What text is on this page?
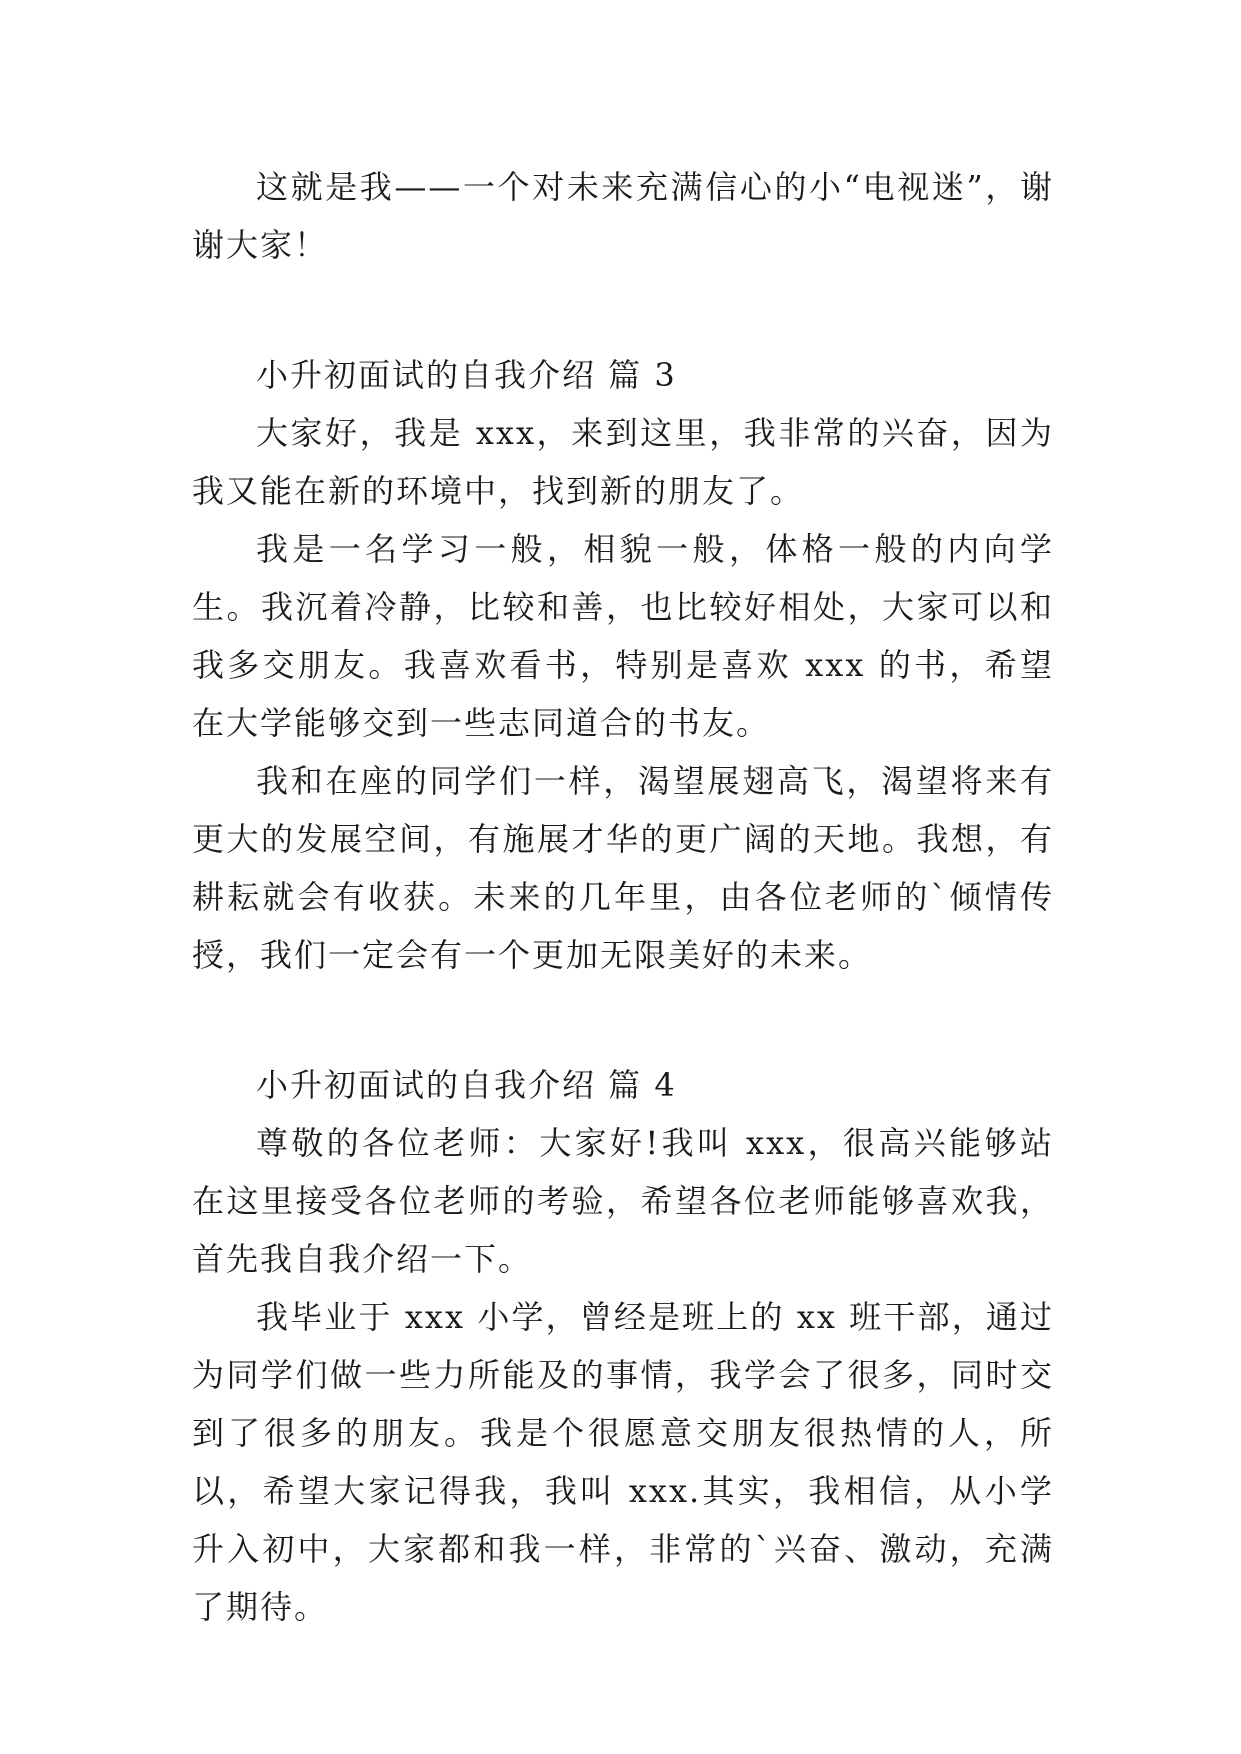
这就是我——一个对未来充满信心的小“电视迷”，谢谢大家！

小升初面试的自我介绍 篇 3

大家好，我是 xxx，来到这里，我非常的兴奋，因为我又能在新的环境中，找到新的朋友了。

我是一名学习一般，相貌一般，体格一般的内向学生。我沉着冷静，比较和善，也比较好相处，大家可以和我多交朋友。我喜欢看书，特别是喜欢 xxx 的书，希望在大学能够交到一些志同道合的书友。

我和在座的同学们一样，渴望展翅高飞，渴望将来有更大的发展空间，有施展才华的更广阔的天地。我想，有耕耘就会有收获。未来的几年里，由各位老师的`倾情传授，我们一定会有一个更加无限美好的未来。

小升初面试的自我介绍 篇 4

尊敬的各位老师：大家好!我叫 xxx，很高兴能够站在这里接受各位老师的考验，希望各位老师能够喜欢我，首先我自我介绍一下。

我毕业于 xxx 小学，曾经是班上的 xx 班干部，通过为同学们做一些力所能及的事情，我学会了很多，同时交到了很多的朋友。我是个很愿意交朋友很热情的人，所以，希望大家记得我，我叫 xxx.其实，我相信，从小学升入初中，大家都和我一样，非常的`兴奋、激动，充满了期待。
